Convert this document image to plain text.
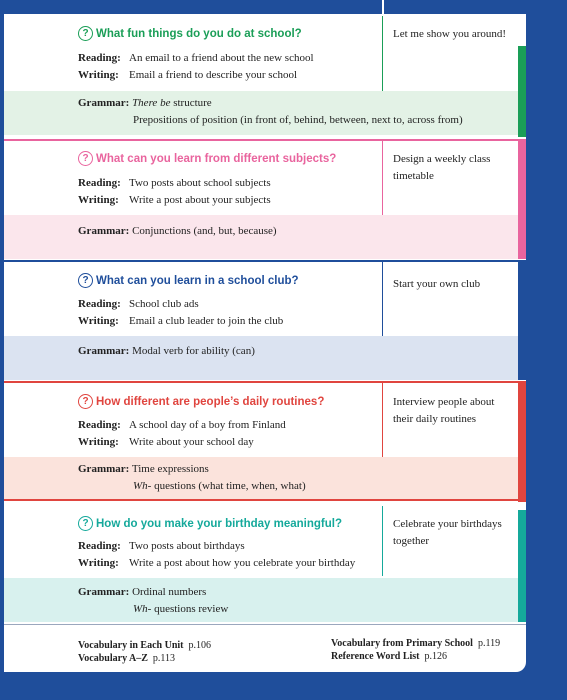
? What fun things do you do at school?
Reading: An email to a friend about the new school
Writing: Email a friend to describe your school
Let me show you around!
Grammar: There be structure
Prepositions of position (in front of, behind, between, next to, across from)
? What can you learn from different subjects?
Reading: Two posts about school subjects
Writing: Write a post about your subjects
Design a weekly class timetable
Grammar: Conjunctions (and, but, because)
? What can you learn in a school club?
Reading: School club ads
Writing: Email a club leader to join the club
Start your own club
Grammar: Modal verb for ability (can)
? How different are people’s daily routines?
Reading: A school day of a boy from Finland
Writing: Write about your school day
Interview people about their daily routines
Grammar: Time expressions
Wh- questions (what time, when, what)
? How do you make your birthday meaningful?
Reading: Two posts about birthdays
Writing: Write a post about how you celebrate your birthday
Celebrate your birthdays together
Grammar: Ordinal numbers
Wh- questions review
Vocabulary in Each Unit p.106
Vocabulary A–Z p.113
Vocabulary from Primary School p.119
Reference Word List p.126
